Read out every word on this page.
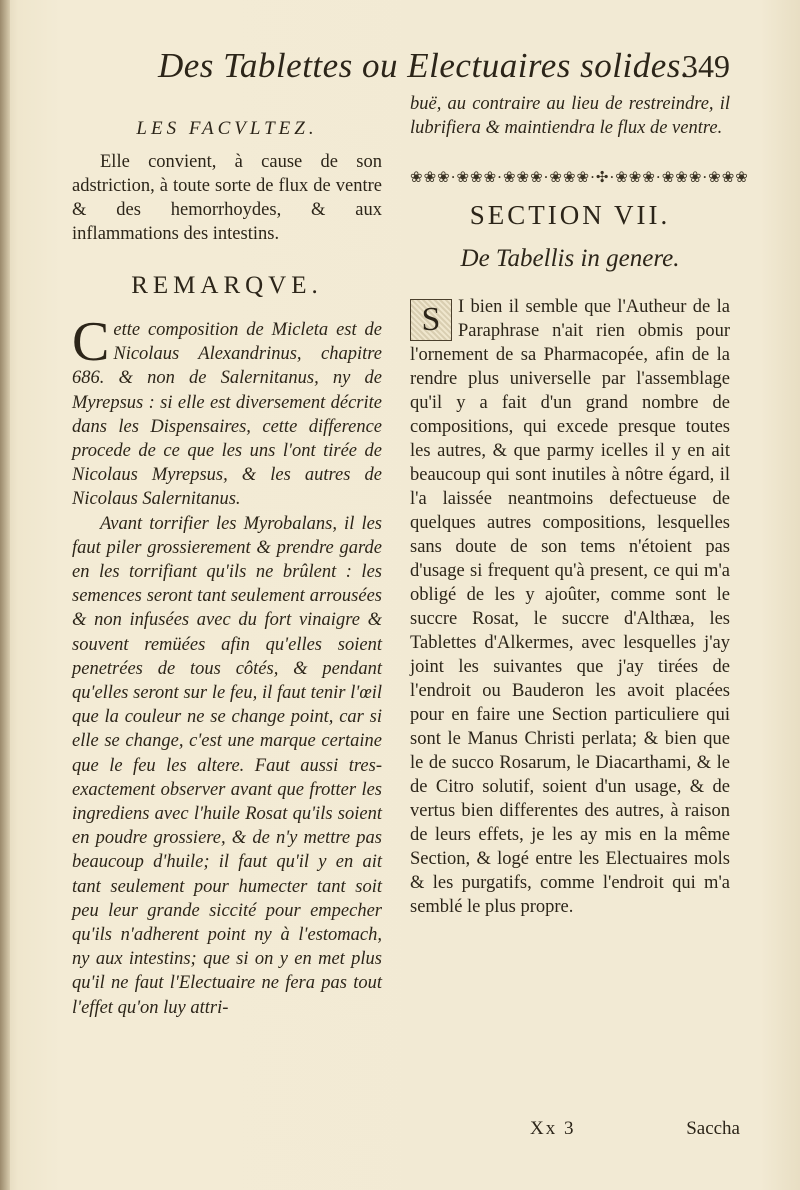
Des Tablettes ou Electuaires solides.
349
LES FACVLTEZ.

Elle convient, à cause de son adstriction, à toute sorte de flux de ventre & des hemorrhoydes, & aux inflammations des intestins.

REMARQVE.

Cette composition de Micleta est de Nicolaus Alexandrinus, chapitre 686. & non de Salernitanus, ny de Myrepsus : si elle est diversement décrite dans les Dispensaires, cette difference procede de ce que les uns l'ont tirée de Nicolaus Myrepsus, & les autres de Nicolaus Salernitanus.

Avant torrifier les Myrobalans, il les faut piler grossierement & prendre garde en les torrifiant qu'ils ne brûlent : les semences seront tant seulement arrousées & non infusées avec du fort vinaigre & souvent remüées afin qu'elles soient penetrées de tous côtés, & pendant qu'elles seront sur le feu, il faut tenir l'œil que la couleur ne se change point, car si elle se change, c'est une marque certaine que le feu les altere. Faut aussi tres-exactement observer avant que frotter les ingrediens avec l'huile Rosat qu'ils soient en poudre grossiere, & de n'y mettre pas beaucoup d'huile; il faut qu'il y en ait tant seulement pour humecter tant soit peu leur grande siccité pour empecher qu'ils n'adherent point ny à l'estomach, ny aux intestins; que si on y en met plus qu'il ne faut l'Electuaire ne fera pas tout l'effet qu'on luy attri-

buë, au contraire au lieu de restreindre, il lubrifiera & maintiendra le flux de ventre.
❀❀❀·❀❀❀·❀❀❀·❀❀❀·✣·❀❀❀·❀❀❀·❀❀❀
SECTION VII.
De Tabellis in genere.
S I bien il semble que l'Autheur de la Paraphrase n'ait rien obmis pour l'ornement de sa Pharmacopée, afin de la rendre plus universelle par l'assemblage qu'il y a fait d'un grand nombre de compositions, qui excede presque toutes les autres, & que parmy icelles il y en ait beaucoup qui sont inutiles à nôtre égard, il l'a laissée neantmoins defectueuse de quelques autres compositions, lesquelles sans doute de son tems n'étoient pas d'usage si frequent qu'à present, ce qui m'a obligé de les y ajoûter, comme sont le succre Rosat, le succre d'Althæa, les Tablettes d'Alkermes, avec lesquelles j'ay joint les suivantes que j'ay tirées de l'endroit ou Bauderon les avoit placées pour en faire une Section particuliere qui sont le Manus Christi perlata; & bien que le de succo Rosarum, le Diacarthami, & le de Citro solutif, soient d'un usage, & de vertus bien differentes des autres, à raison de leurs effets, je les ay mis en la même Section, & logé entre les Electuaires mols & les purgatifs, comme l'endroit qui m'a semblé le plus propre.
Xx 3	Saccha
